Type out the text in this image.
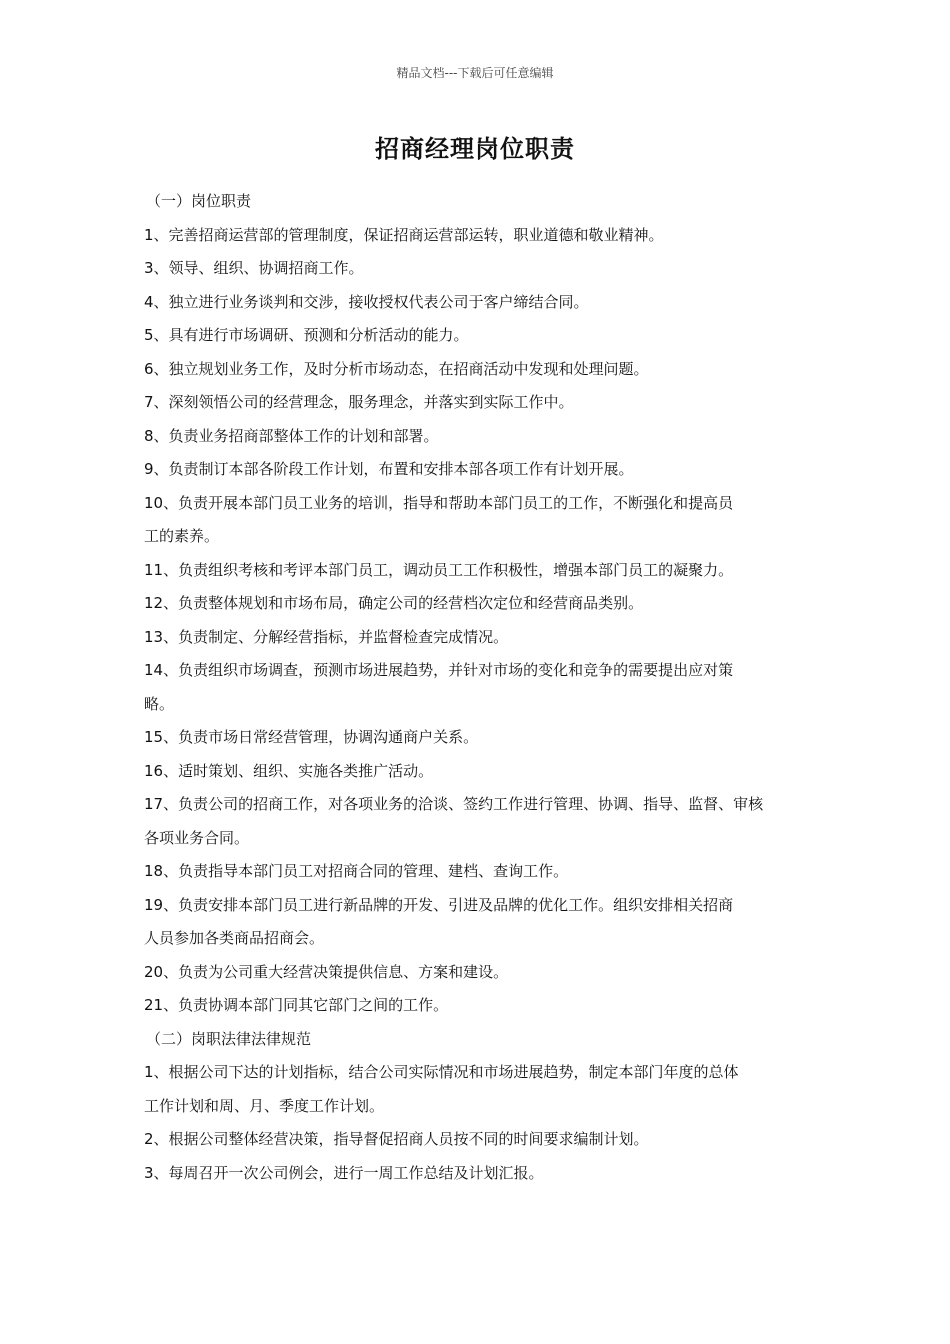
精品文档---下载后可任意编辑
招商经理岗位职责
（一）岗位职责
1、完善招商运营部的管理制度，保证招商运营部运转，职业道德和敬业精神。
3、领导、组织、协调招商工作。
4、独立进行业务谈判和交涉，接收授权代表公司于客户缔结合同。
5、具有进行市场调研、预测和分析活动的能力。
6、独立规划业务工作，及时分析市场动态，在招商活动中发现和处理问题。
7、深刻领悟公司的经营理念，服务理念，并落实到实际工作中。
8、负责业务招商部整体工作的计划和部署。
9、负责制订本部各阶段工作计划，布置和安排本部各项工作有计划开展。
10、负责开展本部门员工业务的培训，指导和帮助本部门员工的工作，不断强化和提高员
工的素养。
11、负责组织考核和考评本部门员工，调动员工工作积极性，增强本部门员工的凝聚力。
12、负责整体规划和市场布局，确定公司的经营档次定位和经营商品类别。
13、负责制定、分解经营指标，并监督检查完成情况。
14、负责组织市场调查，预测市场进展趋势，并针对市场的变化和竞争的需要提出应对策
略。
15、负责市场日常经营管理，协调沟通商户关系。
16、适时策划、组织、实施各类推广活动。
17、负责公司的招商工作，对各项业务的洽谈、签约工作进行管理、协调、指导、监督、审核
各项业务合同。
18、负责指导本部门员工对招商合同的管理、建档、查询工作。
19、负责安排本部门员工进行新品牌的开发、引进及品牌的优化工作。组织安排相关招商
人员参加各类商品招商会。
20、负责为公司重大经营决策提供信息、方案和建设。
21、负责协调本部门同其它部门之间的工作。
（二）岗职法律法律规范
1、根据公司下达的计划指标，结合公司实际情况和市场进展趋势，制定本部门年度的总体
工作计划和周、月、季度工作计划。
2、根据公司整体经营决策，指导督促招商人员按不同的时间要求编制计划。
3、每周召开一次公司例会，进行一周工作总结及计划汇报。
